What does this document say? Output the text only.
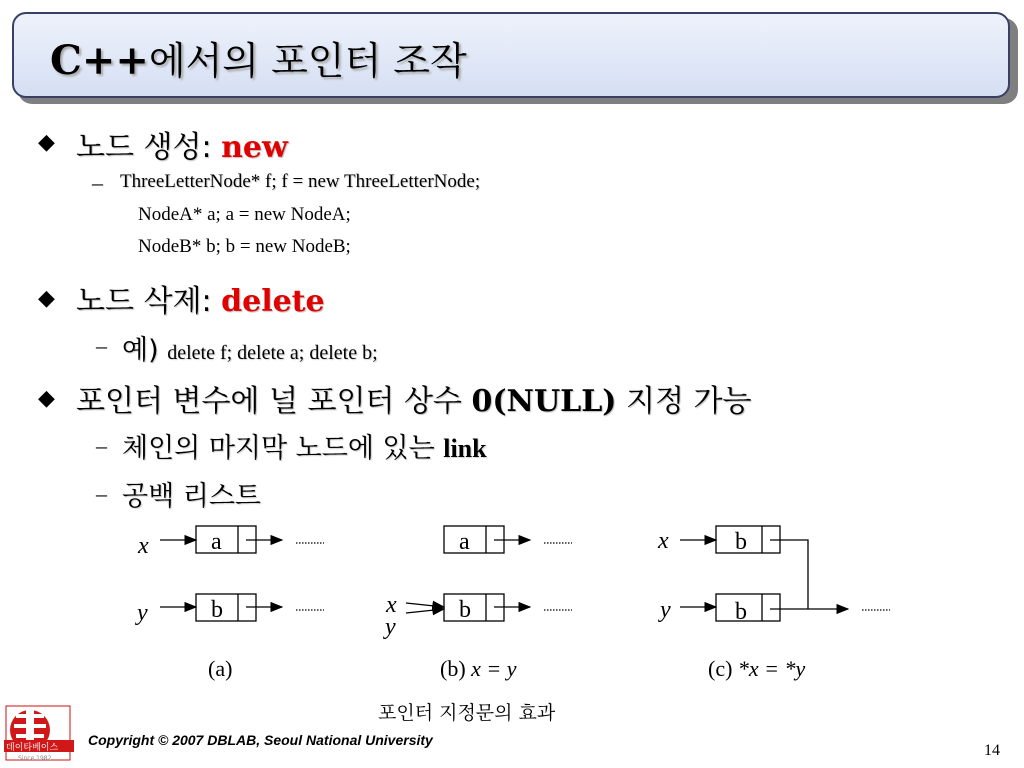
C++에서의 포인터 조작
◆ 노드 생성: new
– ThreeLetterNode* f; f = new ThreeLetterNode;
NodeA* a; a = new NodeA;
NodeB* b; b = new NodeB;
◆ 노드 삭제: delete
– 예) delete f; delete a; delete b;
◆ 포인터 변수에 널 포인터 상수 0(NULL) 지정 가능
– 체인의 마지막 노드에 있는 link
– 공백 리스트
x	a
y	b
a
x
y
b
x	b
y	b
(a)	(b) x = y	(c) *x = *y
포인터 지정문의 효과
데이타베이스
Since 1982
Copyright © 2007 DBLAB, Seoul National University
14
